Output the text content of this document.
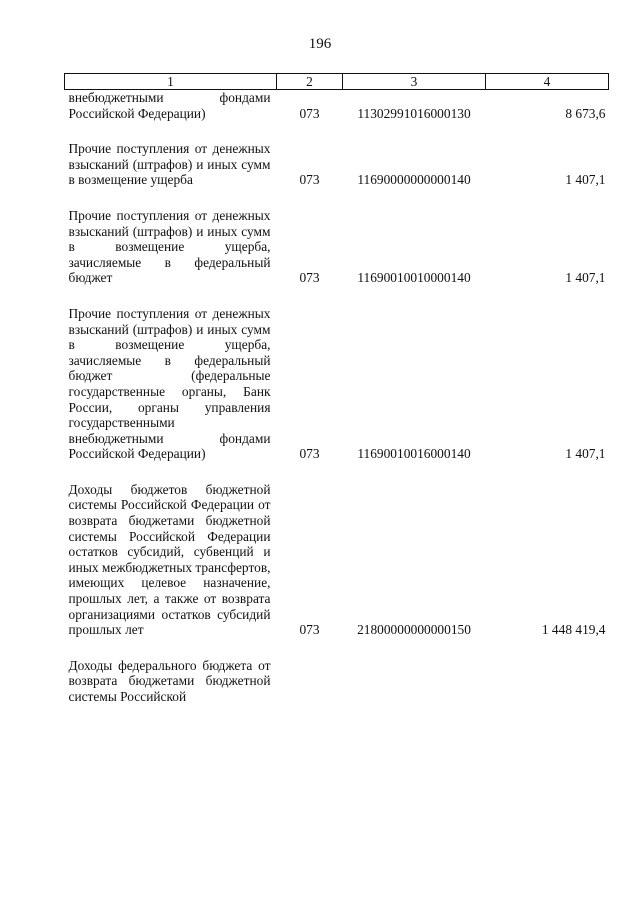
196
1	2	3	4
внебюджетными фондами Российской Федерации)	073	11302991016000130	8 673,6
Прочие поступления от денежных взысканий (штрафов) и иных сумм в возмещение ущерба	073	11690000000000140	1 407,1
Прочие поступления от денежных взысканий (штрафов) и иных сумм в возмещение ущерба, зачисляемые в федеральный бюджет	073	11690010010000140	1 407,1
Прочие поступления от денежных взысканий (штрафов) и иных сумм в возмещение ущерба, зачисляемые в федеральный бюджет (федеральные государственные органы, Банк России, органы управления государственными внебюджетными фондами Российской Федерации)	073	11690010016000140	1 407,1
Доходы бюджетов бюджетной системы Российской Федерации от возврата бюджетами бюджетной системы Российской Федерации остатков субсидий, субвенций и иных межбюджетных трансфертов, имеющих целевое назначение, прошлых лет, а также от возврата организациями остатков субсидий прошлых лет	073	21800000000000150	1 448 419,4
Доходы федерального бюджета от возврата бюджетами бюджетной системы Российской			
